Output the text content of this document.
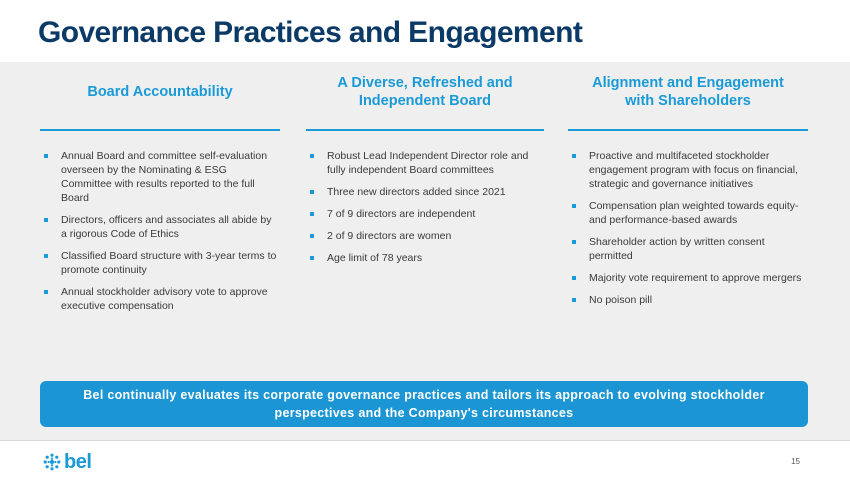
Governance Practices and Engagement
Board Accountability
Annual Board and committee self-evaluation overseen by the Nominating & ESG Committee with results reported to the full Board
Directors, officers and associates all abide by a rigorous Code of Ethics
Classified Board structure with 3-year terms to promote continuity
Annual stockholder advisory vote to approve executive compensation
A Diverse, Refreshed and
Independent Board
Robust Lead Independent Director role and fully independent Board committees
Three new directors added since 2021
7 of 9 directors are independent
2 of 9 directors are women
Age limit of 78 years
Alignment and Engagement
with Shareholders
Proactive and multifaceted stockholder engagement program with focus on financial, strategic and governance initiatives
Compensation plan weighted towards equity-and performance-based awards
Shareholder action by written consent permitted
Majority vote requirement to approve mergers
No poison pill
Bel continually evaluates its corporate governance practices and tailors its approach to evolving stockholder
perspectives and the Company's circumstances
bel	15
